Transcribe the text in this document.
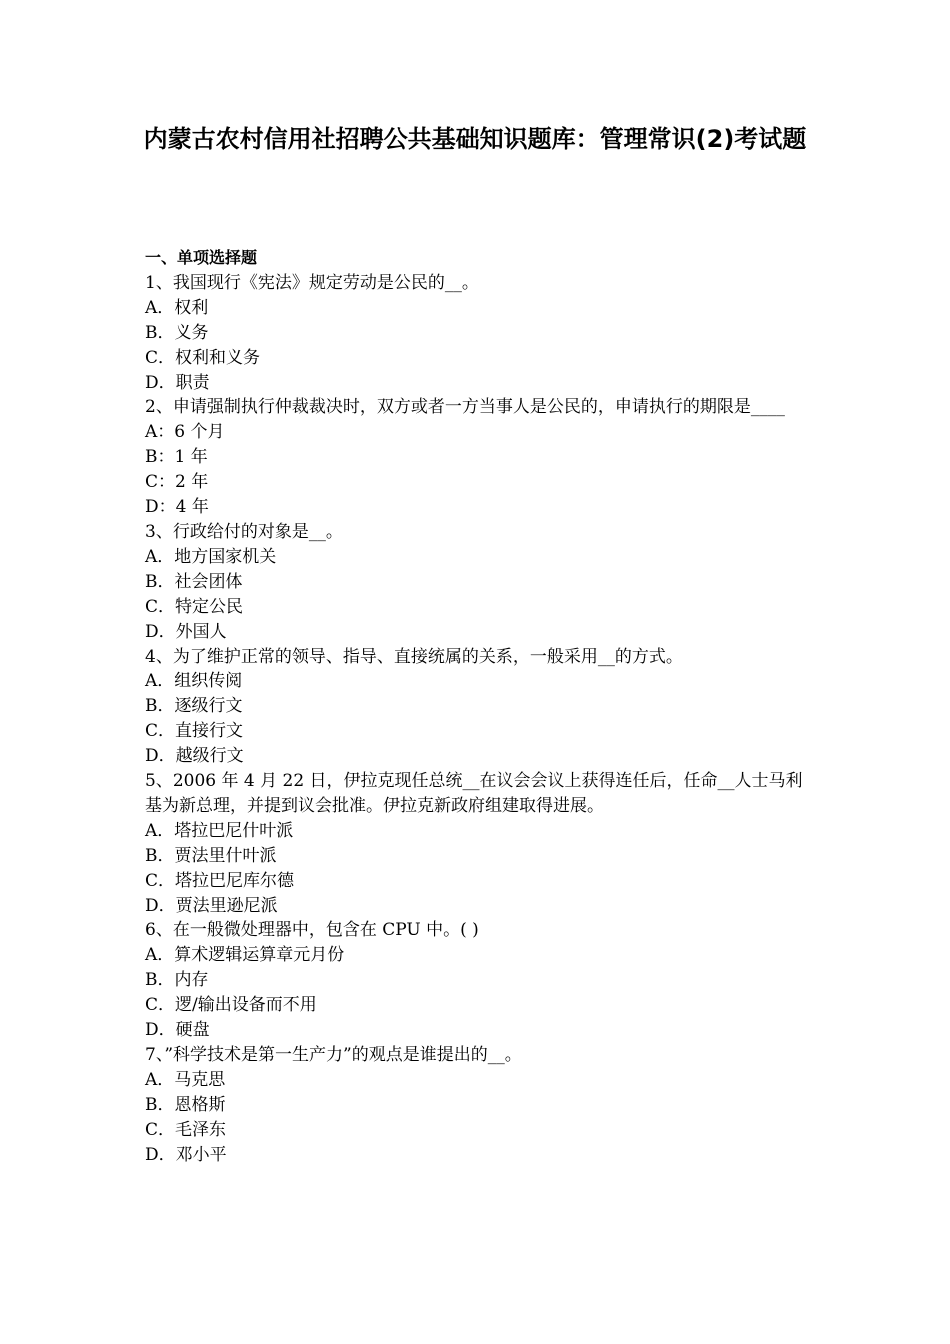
内蒙古农村信用社招聘公共基础知识题库：管理常识(2)考试题
一、单项选择题
1、我国现行《宪法》规定劳动是公民的__。
A．权利
B．义务
C．权利和义务
D．职责
2、申请强制执行仲裁裁决时，双方或者一方当事人是公民的，申请执行的期限是____
A：6 个月
B：1 年
C：2 年
D：4 年
3、行政给付的对象是__。
A．地方国家机关
B．社会团体
C．特定公民
D．外国人
4、为了维护正常的领导、指导、直接统属的关系，一般采用__的方式。
A．组织传阅
B．逐级行文
C．直接行文
D．越级行文
5、2006 年 4 月 22 日，伊拉克现任总统__在议会会议上获得连任后，任命__人士马利基为新总理，并提到议会批准。伊拉克新政府组建取得进展。
A．塔拉巴尼什叶派
B．贾法里什叶派
C．塔拉巴尼库尔德
D．贾法里逊尼派
6、在一般微处理器中，包含在 CPU 中。( )
A．算术逻辑运算章元月份
B．内存
C．逻/输出设备而不用
D．硬盘
7、”科学技术是第一生产力”的观点是谁提出的__。
A．马克思
B．恩格斯
C．毛泽东
D．邓小平
